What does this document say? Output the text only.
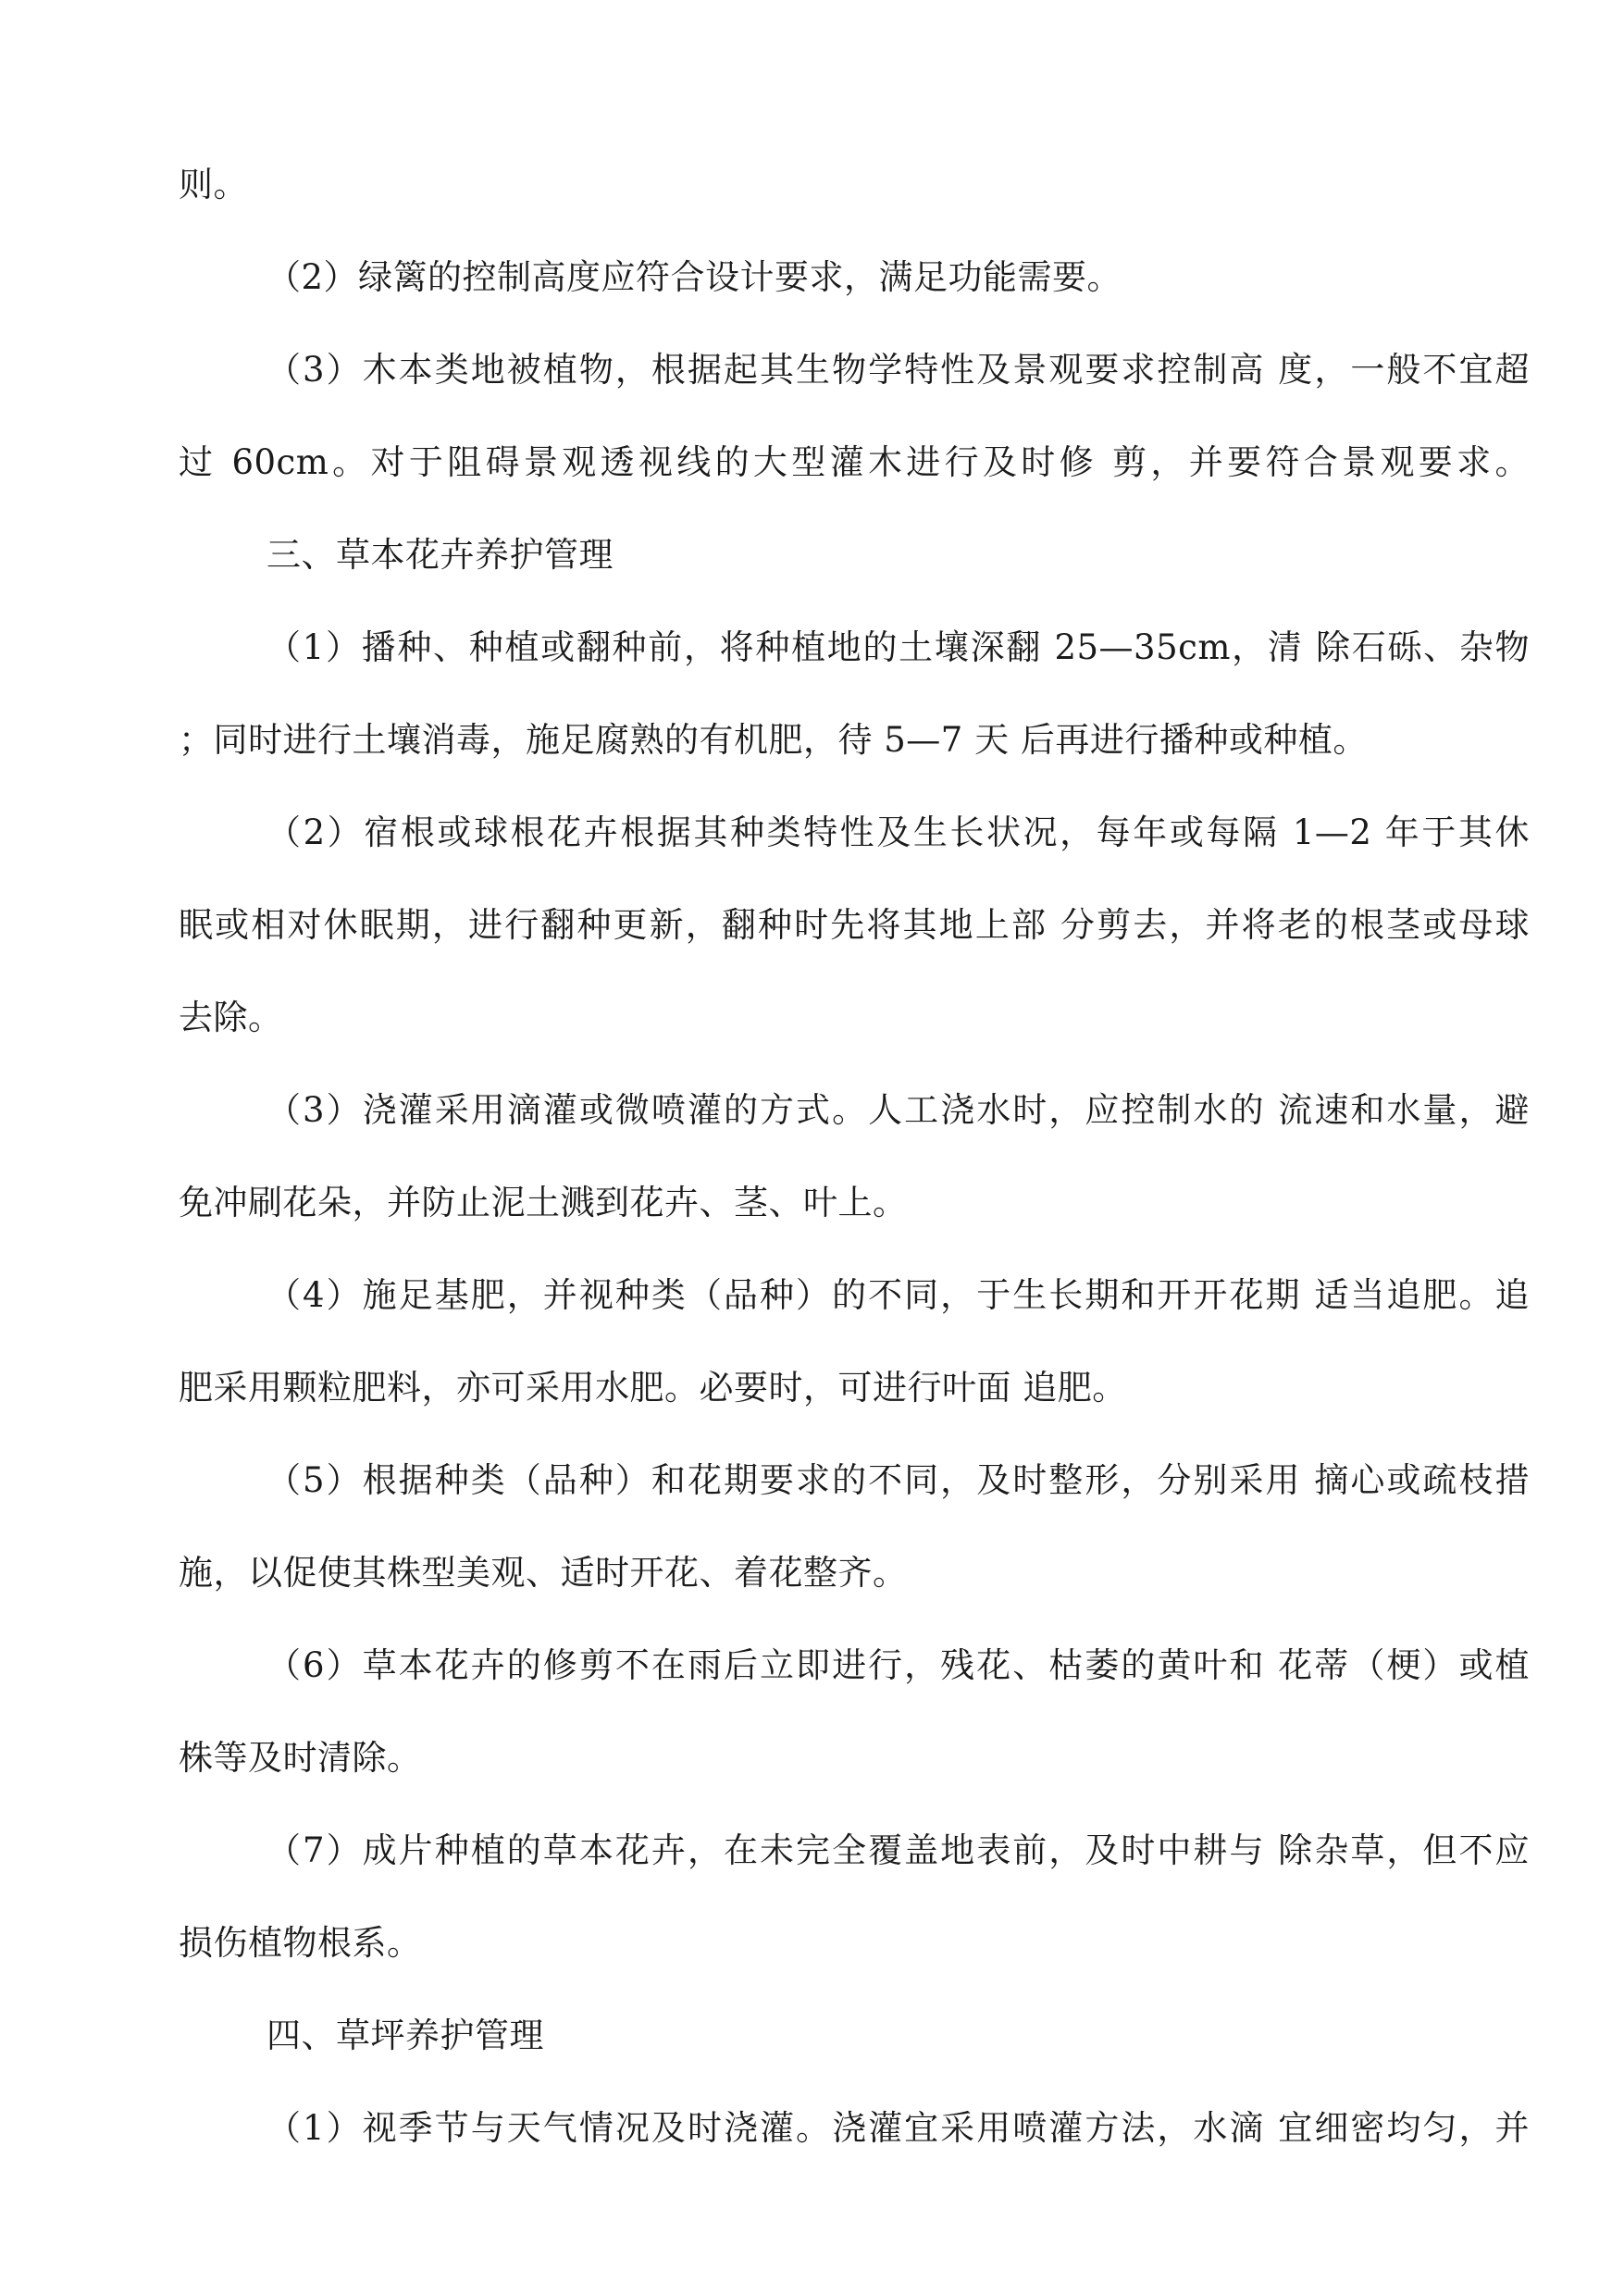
则。
（2）绿篱的控制高度应符合设计要求，满足功能需要。
（3）木本类地被植物，根据起其生物学特性及景观要求控制高 度，一般不宜超
过 60cm。对于阻碍景观透视线的大型灌木进行及时修 剪，并要符合景观要求。
三、草本花卉养护管理
（1）播种、种植或翻种前，将种植地的土壤深翻 25—35cm，清 除石砾、杂物
；同时进行土壤消毒，施足腐熟的有机肥，待 5—7 天 后再进行播种或种植。
（2）宿根或球根花卉根据其种类特性及生长状况，每年或每隔 1—2 年于其休
眠或相对休眠期，进行翻种更新，翻种时先将其地上部 分剪去，并将老的根茎或母球
去除。
（3）浇灌采用滴灌或微喷灌的方式。人工浇水时，应控制水的 流速和水量，避
免冲刷花朵，并防止泥土溅到花卉、茎、叶上。
（4）施足基肥，并视种类（品种）的不同，于生长期和开开花期 适当追肥。追
肥采用颗粒肥料，亦可采用水肥。必要时，可进行叶面 追肥。
（5）根据种类（品种）和花期要求的不同，及时整形，分别采用 摘心或疏枝措
施，以促使其株型美观、适时开花、着花整齐。
（6）草本花卉的修剪不在雨后立即进行，残花、枯萎的黄叶和 花蒂（梗）或植
株等及时清除。
（7）成片种植的草本花卉，在未完全覆盖地表前，及时中耕与 除杂草，但不应
损伤植物根系。
四、草坪养护管理
（1）视季节与天气情况及时浇灌。浇灌宜采用喷灌方法，水滴 宜细密均匀，并
